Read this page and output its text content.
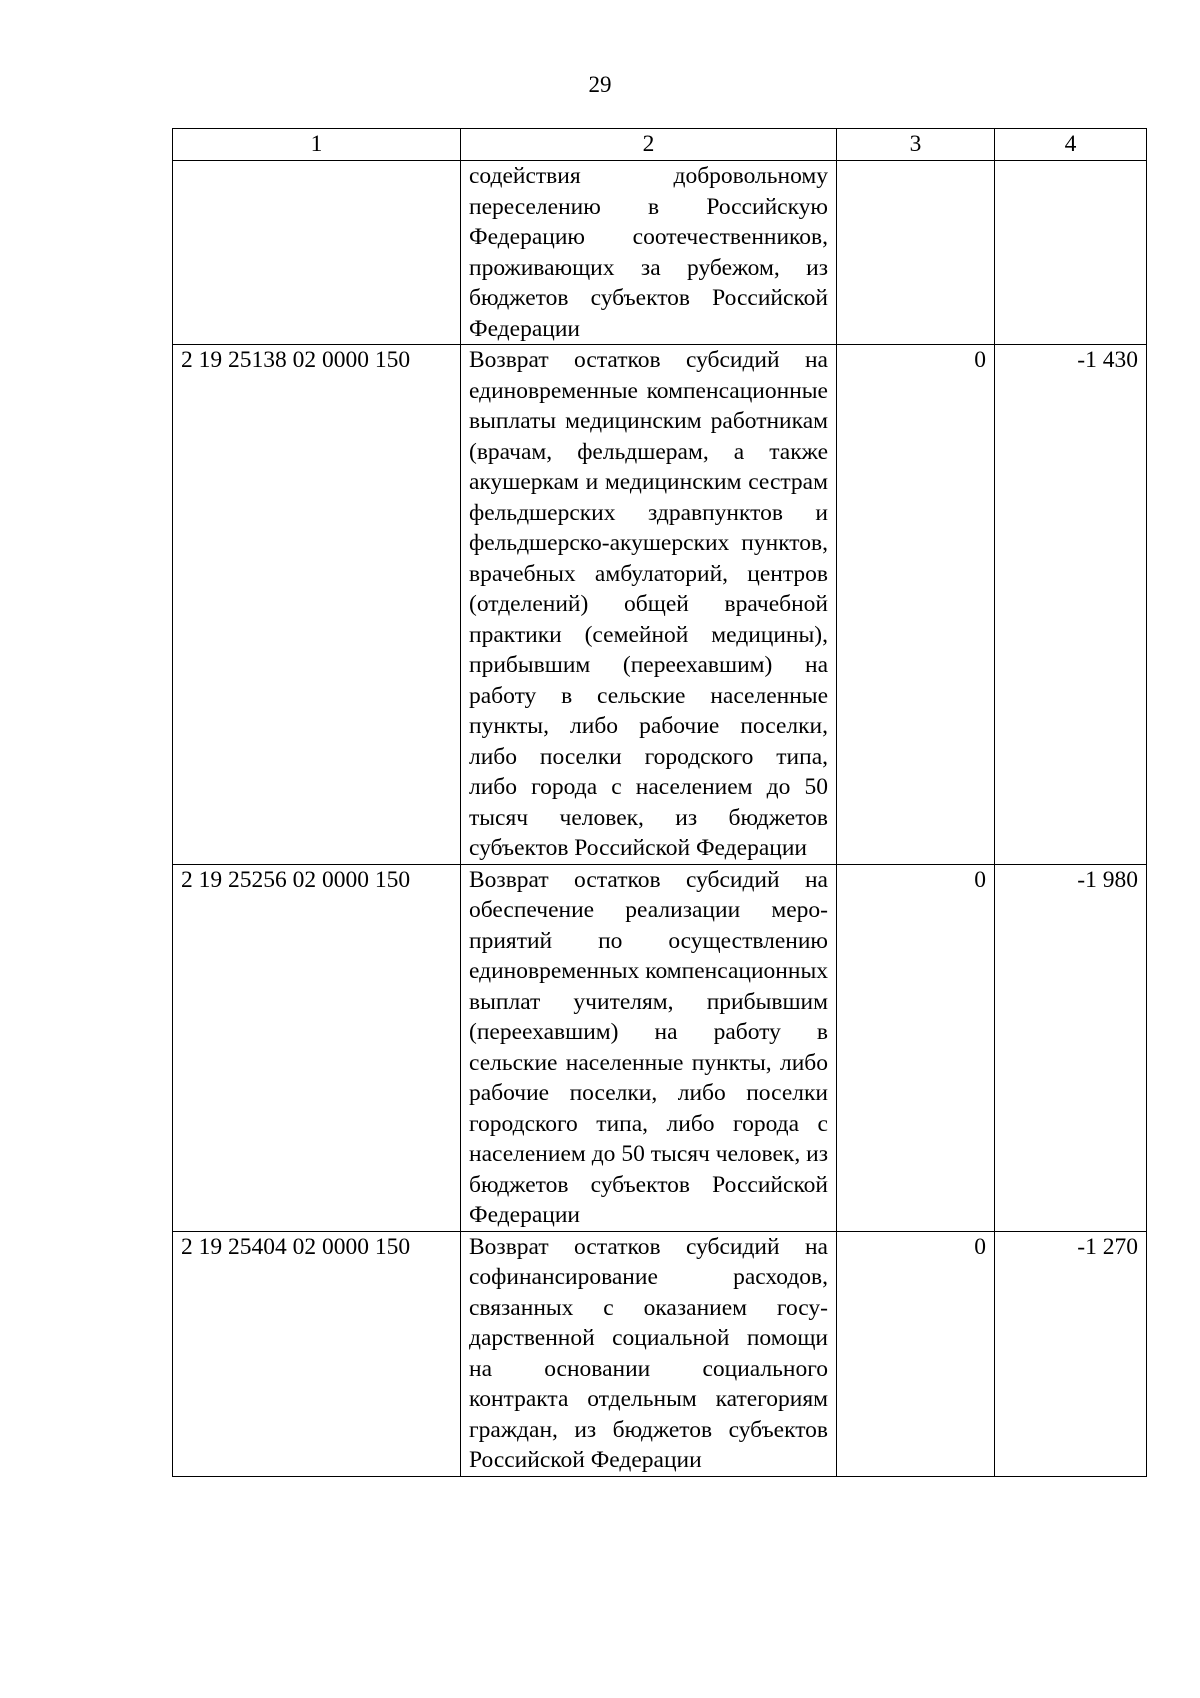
29
1	2	3	4
	содействия добровольному переселению в Российскую Федерацию соотечественников, проживающих за рубежом, из бюджетов субъектов Российской Федерации		
2 19 25138 02 0000 150	Возврат остатков субсидий на единовременные компенсационные выплаты медицинским работникам (врачам, фельдшерам, а также акушеркам и медицинским сестрам фельдшерских здравпунктов и фельдшерско-акушерских пунктов, врачебных амбулаторий, центров (отделений) общей врачебной практики (семейной медицины), прибывшим (переехавшим) на работу в сельские населенные пункты, либо рабочие поселки, либо поселки городского типа, либо города с населением до 50 тысяч человек, из бюджетов субъектов Российской Федерации	0	-1 430
2 19 25256 02 0000 150	Возврат остатков субсидий на обеспечение реализации мероприятий по осуществлению единовременных компенсационных выплат учителям, прибывшим (переехавшим) на работу в сельские населенные пункты, либо рабочие поселки, либо поселки городского типа, либо города с населением до 50 тысяч человек, из бюджетов субъектов Российской Федерации	0	-1 980
2 19 25404 02 0000 150	Возврат остатков субсидий на софинансирование расходов, связанных с оказанием государственной социальной помощи на основании социального контракта отдельным категориям граждан, из бюджетов субъектов Российской Федерации	0	-1 270
